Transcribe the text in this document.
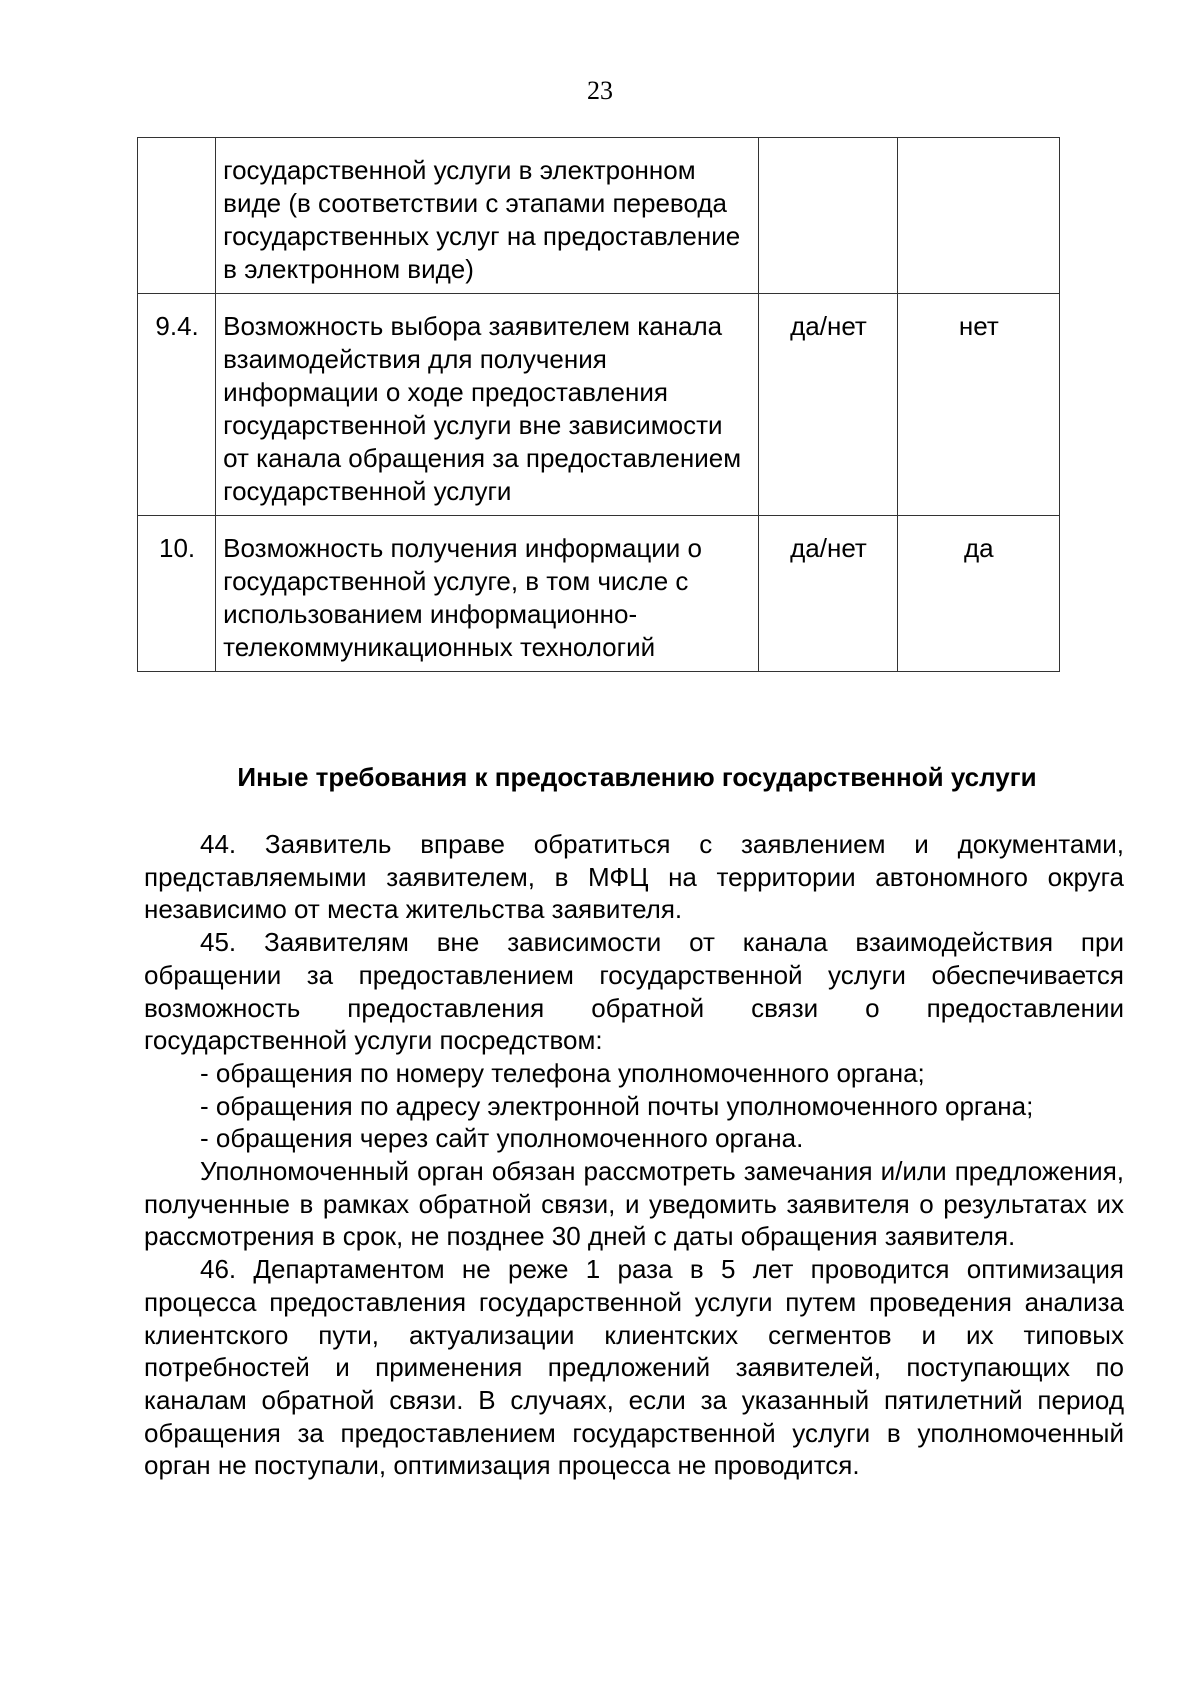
23
	государственной услуги в электронном виде (в соответствии с этапами перевода государственных услуг на предоставление в электронном виде)		
9.4.	Возможность выбора заявителем канала взаимодействия для получения информации о ходе предоставления государственной услуги вне зависимости от канала обращения за предоставлением государственной услуги	да/нет	нет
10.	Возможность получения информации о государственной услуге, в том числе с использованием информационно-телекоммуникационных технологий	да/нет	да
Иные требования к предоставлению государственной услуги

44. Заявитель вправе обратиться с заявлением и документами, представляемыми заявителем, в МФЦ на территории автономного округа независимо от места жительства заявителя.

45. Заявителям вне зависимости от канала взаимодействия при обращении за предоставлением государственной услуги обеспечивается возможность предоставления обратной связи о предоставлении государственной услуги посредством:

- обращения по номеру телефона уполномоченного органа;

- обращения по адресу электронной почты уполномоченного органа;

- обращения через сайт уполномоченного органа.

Уполномоченный орган обязан рассмотреть замечания и/или предложения, полученные в рамках обратной связи, и уведомить заявителя о результатах их рассмотрения в срок, не позднее 30 дней с даты обращения заявителя.

46. Департаментом не реже 1 раза в 5 лет проводится оптимизация процесса предоставления государственной услуги путем проведения анализа клиентского пути, актуализации клиентских сегментов и их типовых потребностей и применения предложений заявителей, поступающих по каналам обратной связи. В случаях, если за указанный пятилетний период обращения за предоставлением государственной услуги в уполномоченный орган не поступали, оптимизация процесса не проводится.
